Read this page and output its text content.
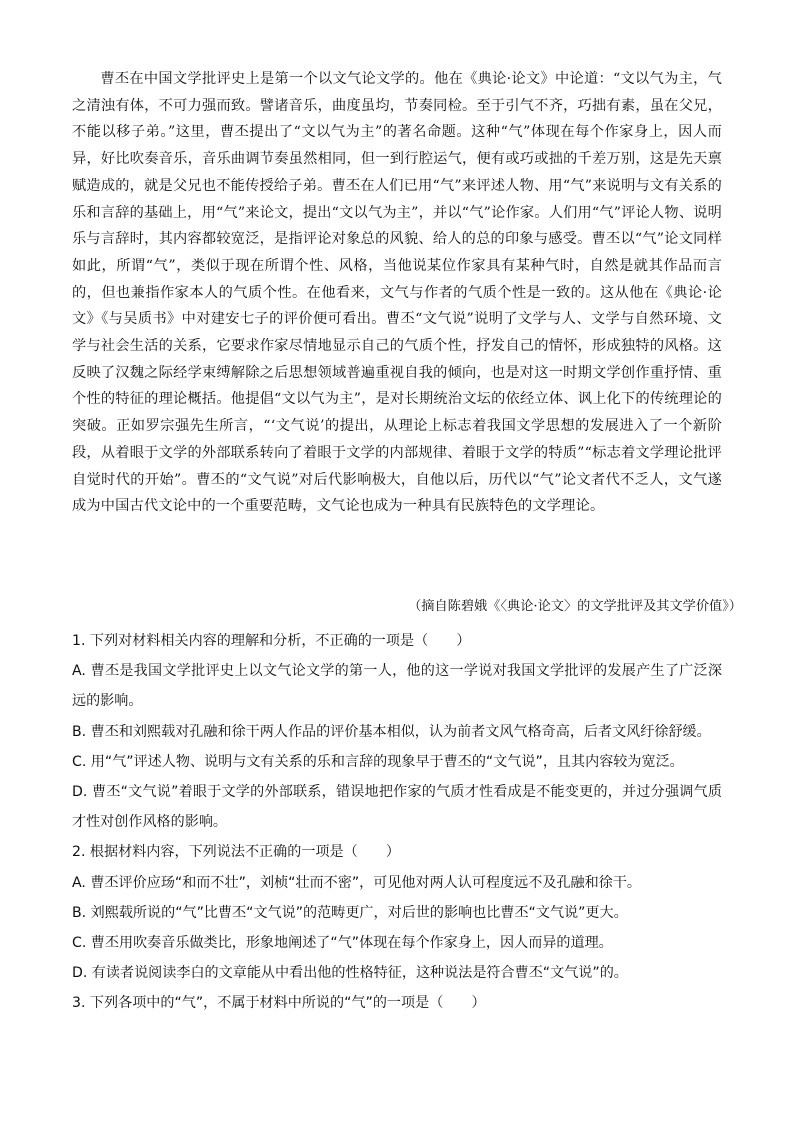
曹丕在中国文学批评史上是第一个以文气论文学的。他在《典论·论文》中论道：“文以气为主，气之清浊有体，不可力强而致。譬诸音乐，曲度虽均，节奏同检。至于引气不齐，巧拙有素，虽在父兄，不能以移子弟。”这里，曹丕提出了“文以气为主”的著名命题。这种“气”体现在每个作家身上，因人而异，好比吹奏音乐，音乐曲调节奏虽然相同，但一到行腔运气，便有或巧或拙的千差万别，这是先天禀赋造成的，就是父兄也不能传授给子弟。曹丕在人们已用“气”来评述人物、用“气”来说明与文有关系的乐和言辞的基础上，用“气”来论文，提出“文以气为主”，并以“气”论作家。人们用“气”评论人物、说明乐与言辞时，其内容都较宽泛，是指评论对象总的风貌、给人的总的印象与感受。曹丕以“气”论文同样如此，所谓“气”，类似于现在所谓个性、风格，当他说某位作家具有某种气时，自然是就其作品而言的，但也兼指作家本人的气质个性。在他看来，文气与作者的气质个性是一致的。这从他在《典论·论文》《与吴质书》中对建安七子的评价便可看出。曹丕“文气说”说明了文学与人、文学与自然环境、文学与社会生活的关系，它要求作家尽情地显示自己的气质个性，抒发自己的情怀，形成独特的风格。这反映了汉魏之际经学束缚解除之后思想领域普遍重视自我的倾向，也是对这一时期文学创作重抒情、重个性的特征的理论概括。他提倡“文以气为主”，是对长期统治文坛的依经立体、讽上化下的传统理论的突破。正如罗宗强先生所言，“‘文气说’的提出，从理论上标志着我国文学思想的发展进入了一个新阶段，从着眼于文学的外部联系转向了着眼于文学的内部规律、着眼于文学的特质”“标志着文学理论批评自觉时代的开始”。曹丕的“文气说”对后代影响极大，自他以后，历代以“气”论文者代不乏人，文气遂成为中国古代文论中的一个重要范畴，文气论也成为一种具有民族特色的文学理论。

（摘自陈碧娥《〈典论·论文〉的文学批评及其文学价值》）

1. 下列对材料相关内容的理解和分析，不正确的一项是（　　）

A. 曹丕是我国文学批评史上以文气论文学的第一人，他的这一学说对我国文学批评的发展产生了广泛深远的影响。

B. 曹丕和刘熙载对孔融和徐干两人作品的评价基本相似，认为前者文风气格奇高，后者文风纡徐舒缓。

C. 用“气”评述人物、说明与文有关系的乐和言辞的现象早于曹丕的“文气说”，且其内容较为宽泛。

D. 曹丕“文气说”着眼于文学的外部联系，错误地把作家的气质才性看成是不能变更的，并过分强调气质才性对创作风格的影响。

2. 根据材料内容，下列说法不正确的一项是（　　）

A. 曹丕评价应玚“和而不壮”，刘桢“壮而不密”，可见他对两人认可程度远不及孔融和徐干。

B. 刘熙载所说的“气”比曹丕“文气说”的范畴更广，对后世的影响也比曹丕“文气说”更大。

C. 曹丕用吹奏音乐做类比，形象地阐述了“气”体现在每个作家身上，因人而异的道理。

D. 有读者说阅读李白的文章能从中看出他的性格特征，这种说法是符合曹丕“文气说”的。

3. 下列各项中的“气”，不属于材料中所说的“气”的一项是（　　）
